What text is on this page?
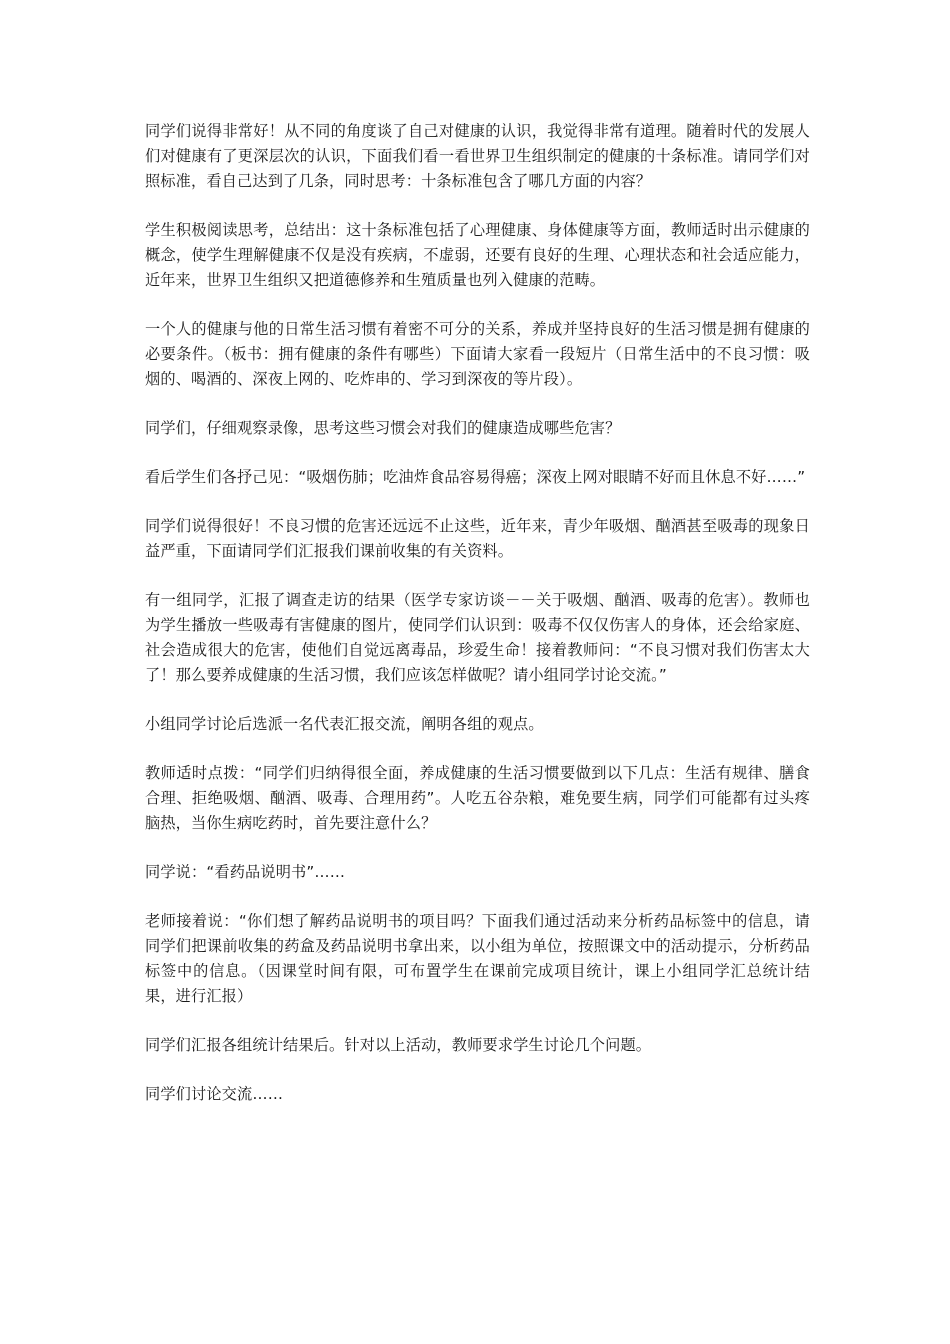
同学们说得非常好！从不同的角度谈了自己对健康的认识，我觉得非常有道理。随着时代的发展人们对健康有了更深层次的认识，下面我们看一看世界卫生组织制定的健康的十条标准。请同学们对照标准，看自己达到了几条，同时思考：十条标准包含了哪几方面的内容？

学生积极阅读思考，总结出：这十条标准包括了心理健康、身体健康等方面，教师适时出示健康的概念，使学生理解健康不仅是没有疾病，不虚弱，还要有良好的生理、心理状态和社会适应能力，近年来，世界卫生组织又把道德修养和生殖质量也列入健康的范畴。

一个人的健康与他的日常生活习惯有着密不可分的关系，养成并坚持良好的生活习惯是拥有健康的必要条件。（板书：拥有健康的条件有哪些）下面请大家看一段短片（日常生活中的不良习惯：吸烟的、喝酒的、深夜上网的、吃炸串的、学习到深夜的等片段）。

同学们，仔细观察录像，思考这些习惯会对我们的健康造成哪些危害？

看后学生们各抒己见：“吸烟伤肺；吃油炸食品容易得癌；深夜上网对眼睛不好而且休息不好……”

同学们说得很好！不良习惯的危害还远远不止这些，近年来，青少年吸烟、酗酒甚至吸毒的现象日益严重，下面请同学们汇报我们课前收集的有关资料。

有一组同学，汇报了调查走访的结果（医学专家访谈－－关于吸烟、酗酒、吸毒的危害）。教师也为学生播放一些吸毒有害健康的图片，使同学们认识到：吸毒不仅仅伤害人的身体，还会给家庭、社会造成很大的危害，使他们自觉远离毒品，珍爱生命！接着教师问：“不良习惯对我们伤害太大了！那么要养成健康的生活习惯，我们应该怎样做呢？请小组同学讨论交流。”

小组同学讨论后选派一名代表汇报交流，阐明各组的观点。

教师适时点拨：“同学们归纳得很全面，养成健康的生活习惯要做到以下几点：生活有规律、膳食合理、拒绝吸烟、酗酒、吸毒、合理用药”。人吃五谷杂粮，难免要生病，同学们可能都有过头疼脑热，当你生病吃药时，首先要注意什么？

同学说：“看药品说明书”……

老师接着说：“你们想了解药品说明书的项目吗？下面我们通过活动来分析药品标签中的信息，请同学们把课前收集的药盒及药品说明书拿出来，以小组为单位，按照课文中的活动提示，分析药品标签中的信息。（因课堂时间有限，可布置学生在课前完成项目统计，课上小组同学汇总统计结果，进行汇报）

同学们汇报各组统计结果后。针对以上活动，教师要求学生讨论几个问题。

同学们讨论交流……
